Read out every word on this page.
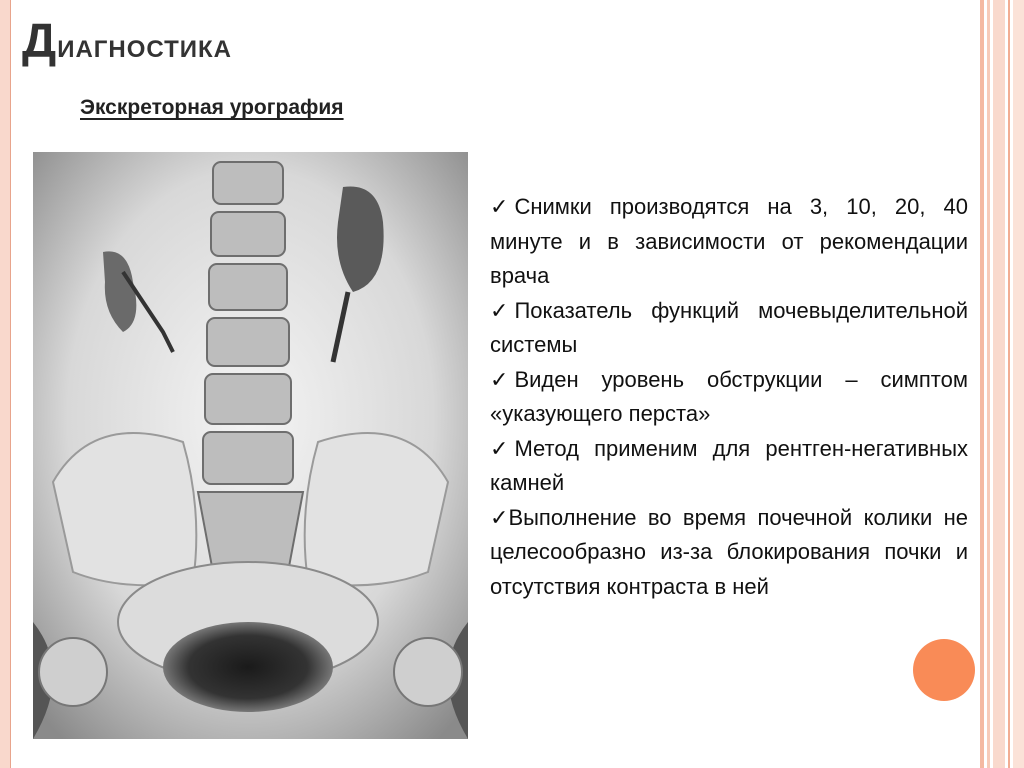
Диагностика
Экскреторная урография
✓ Снимки производятся на 3, 10, 20, 40 минуте и в зависимости от рекомендации врача
✓ Показатель функций мочевыделительной системы
✓ Виден уровень обструкции – симптом «указующего перста»
✓ Метод применим для рентген-негативных камней
✓Выполнение во время почечной колики не целесообразно из-за блокирования почки и отсутствия контраста в ней
